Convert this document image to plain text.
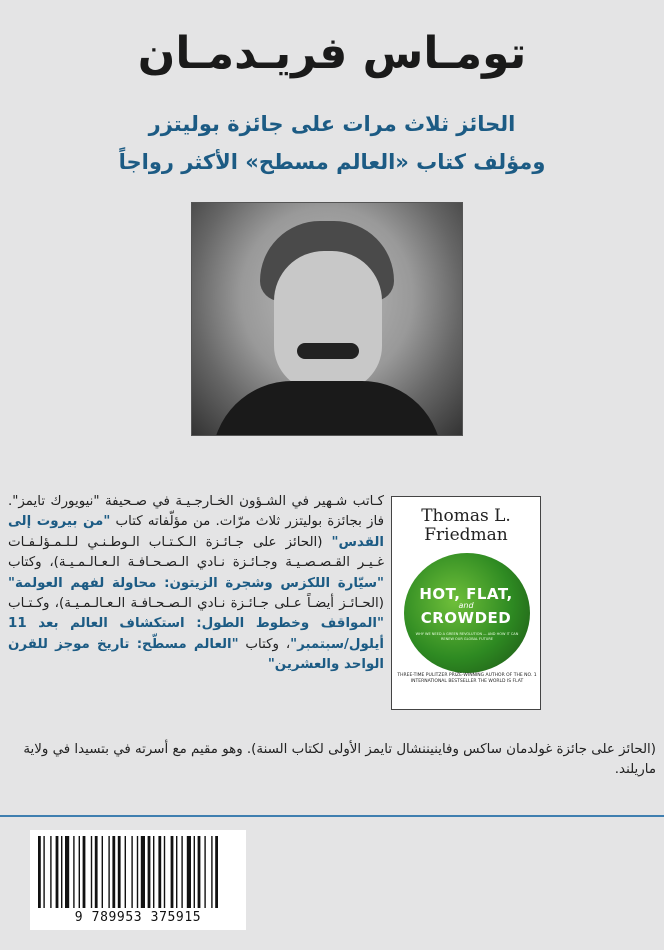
تومـاس فريـدمـان
الحائز ثلاث مرات على جائزة بوليتزر
ومؤلف كتاب «العالم مسطح» الأكثر رواجاً
كـاتب شـهير في الشـؤون الخـارجـيـة في صـحيفة "نيويورك تايمز". فاز بجائزة بوليتزر ثلاث مرّات. من مؤلّفاته كتاب "من بيروت إلى القدس" (الحائز على جـائـزة الـكـتـاب الـوطـنـي لـلـمـؤلـفـات غـيـر القـصـصـيـة وجـائـزة نـادي الـصـحـافـة الـعـالـمـيـة)، وكتاب "سيّارة اللكزس وشجرة الزيتون: محاولة لفهم العولمة" (الحـائـز أيضـاً عـلى جـائـزة نـادي الـصـحـافـة الـعـالـمـيـة)، وكـتـاب "المواقف وخطوط الطول: استكشاف العالم بعد 11 أيلول/سبتمبر"، وكتاب "العالم مسطّح: تاريخ موجز للقرن الواحد والعشرين"
(الحائز على جائزة غولدمان ساكس وفاينيننشال تايمز الأولى لكتاب السنة). وهو مقيم مع أسرته في بتسيدا في ولاية ماريلند.
Thomas L. Friedman
HOT, FLAT,
and
CROWDED
WHY WE NEED A GREEN REVOLUTION — AND HOW IT CAN RENEW OUR GLOBAL FUTURE
THREE-TIME PULITZER PRIZE-WINNING AUTHOR OF THE NO. 1 INTERNATIONAL BESTSELLER THE WORLD IS FLAT
9 789953 375915
